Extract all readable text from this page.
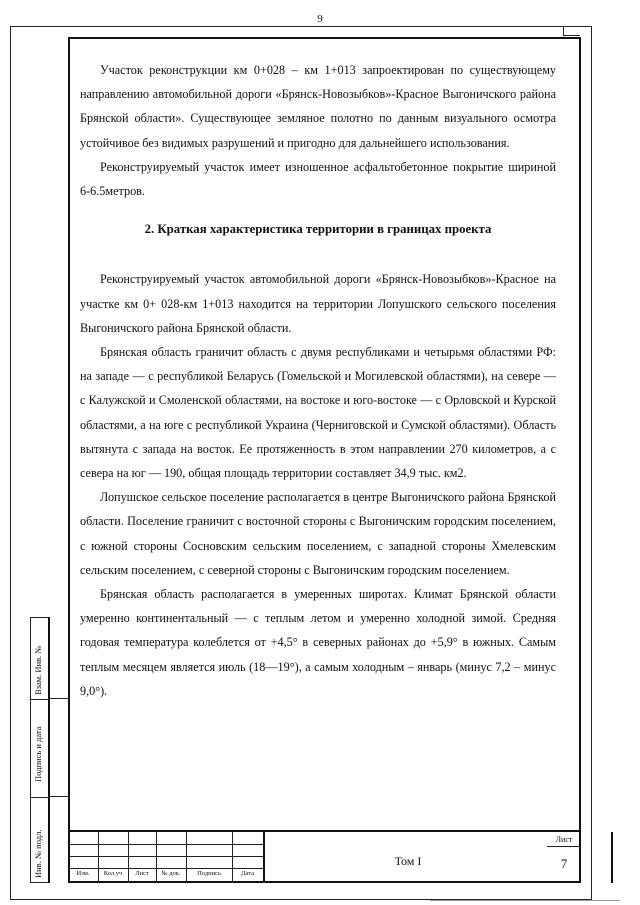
9

Участок реконструкции км 0+028 – км 1+013 запроектирован по существующему направлению автомобильной дороги «Брянск-Новозыбков»-Красное Выгоничского района Брянской области». Существующее земляное полотно по данным визуального осмотра устойчивое без видимых разрушений и пригодно для дальнейшего использования.

Реконструируемый участок имеет изношенное асфальтобетонное покрытие шириной 6-6.5метров.

2. Краткая характеристика территории в границах проекта

Реконструируемый участок автомобильной дороги «Брянск-Новозыбков»-Красное на участке км 0+ 028-км 1+013 находится на территории Лопушского сельского поселения Выгоничского района Брянской области.

Брянская область граничит область с двумя республиками и четырьмя областями РФ: на западе — с республикой Беларусь (Гомельской и Могилевской областями), на севере — с Калужской и Смоленской областями, на востоке и юго-востоке — с Орловской и Курской областями, а на юге с республикой Украина (Черниговской и Сумской областями). Область вытянута с запада на восток. Ее протяженность в этом направлении 270 километров, а с севера на юг — 190, общая площадь территории составляет 34,9 тыс. км2.

Лопушское сельское поселение располагается в центре Выгоничского района Брянской области. Поселение граничит с восточной стороны с Выгоничским городским поселением, с южной стороны Сосновским сельским поселением, с западной стороны Хмелевским сельским поселением, с северной стороны с Выгоничским городским поселением.

Брянская область располагается в умеренных широтах. Климат Брянской области умеренно континентальный — с теплым летом и умеренно холодной зимой. Средняя годовая температура колеблется от +4,5° в северных районах до +5,9° в южных. Самым теплым месяцем является июль (18—19°), а самым холодным – январь (минус 7,2 – минус 9,0°).

Взам. Инв. №
Подпись и дата
Инв. № подл.	Изм.	Кол.уч	Лист	№ док.	Подпись	Дата
Том I
Лист
7
